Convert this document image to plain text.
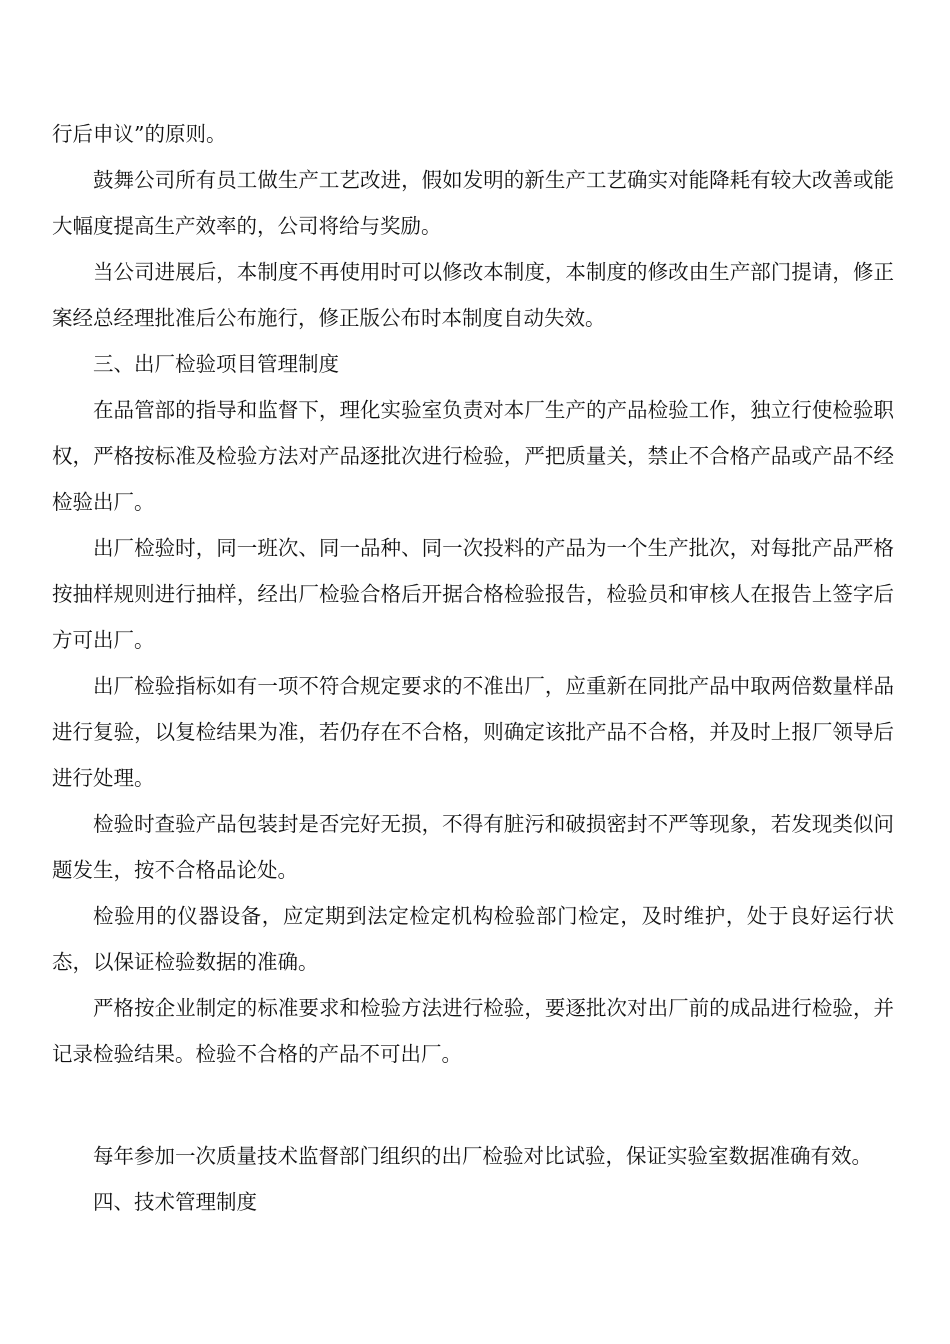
行后申议”的原则。

鼓舞公司所有员工做生产工艺改进，假如发明的新生产工艺确实对能降耗有较大改善或能大幅度提高生产效率的，公司将给与奖励。

当公司进展后，本制度不再使用时可以修改本制度，本制度的修改由生产部门提请，修正案经总经理批准后公布施行，修正版公布时本制度自动失效。

三、出厂检验项目管理制度

在品管部的指导和监督下，理化实验室负责对本厂生产的产品检验工作，独立行使检验职权，严格按标准及检验方法对产品逐批次进行检验，严把质量关，禁止不合格产品或产品不经检验出厂。

出厂检验时，同一班次、同一品种、同一次投料的产品为一个生产批次，对每批产品严格按抽样规则进行抽样，经出厂检验合格后开据合格检验报告，检验员和审核人在报告上签字后方可出厂。

出厂检验指标如有一项不符合规定要求的不准出厂，应重新在同批产品中取两倍数量样品进行复验，以复检结果为准，若仍存在不合格，则确定该批产品不合格，并及时上报厂领导后进行处理。

检验时查验产品包装封是否完好无损，不得有脏污和破损密封不严等现象，若发现类似问题发生，按不合格品论处。

检验用的仪器设备，应定期到法定检定机构检验部门检定，及时维护，处于良好运行状态，以保证检验数据的准确。

严格按企业制定的标准要求和检验方法进行检验，要逐批次对出厂前的成品进行检验，并记录检验结果。检验不合格的产品不可出厂。

每年参加一次质量技术监督部门组织的出厂检验对比试验，保证实验室数据准确有效。

四、技术管理制度
